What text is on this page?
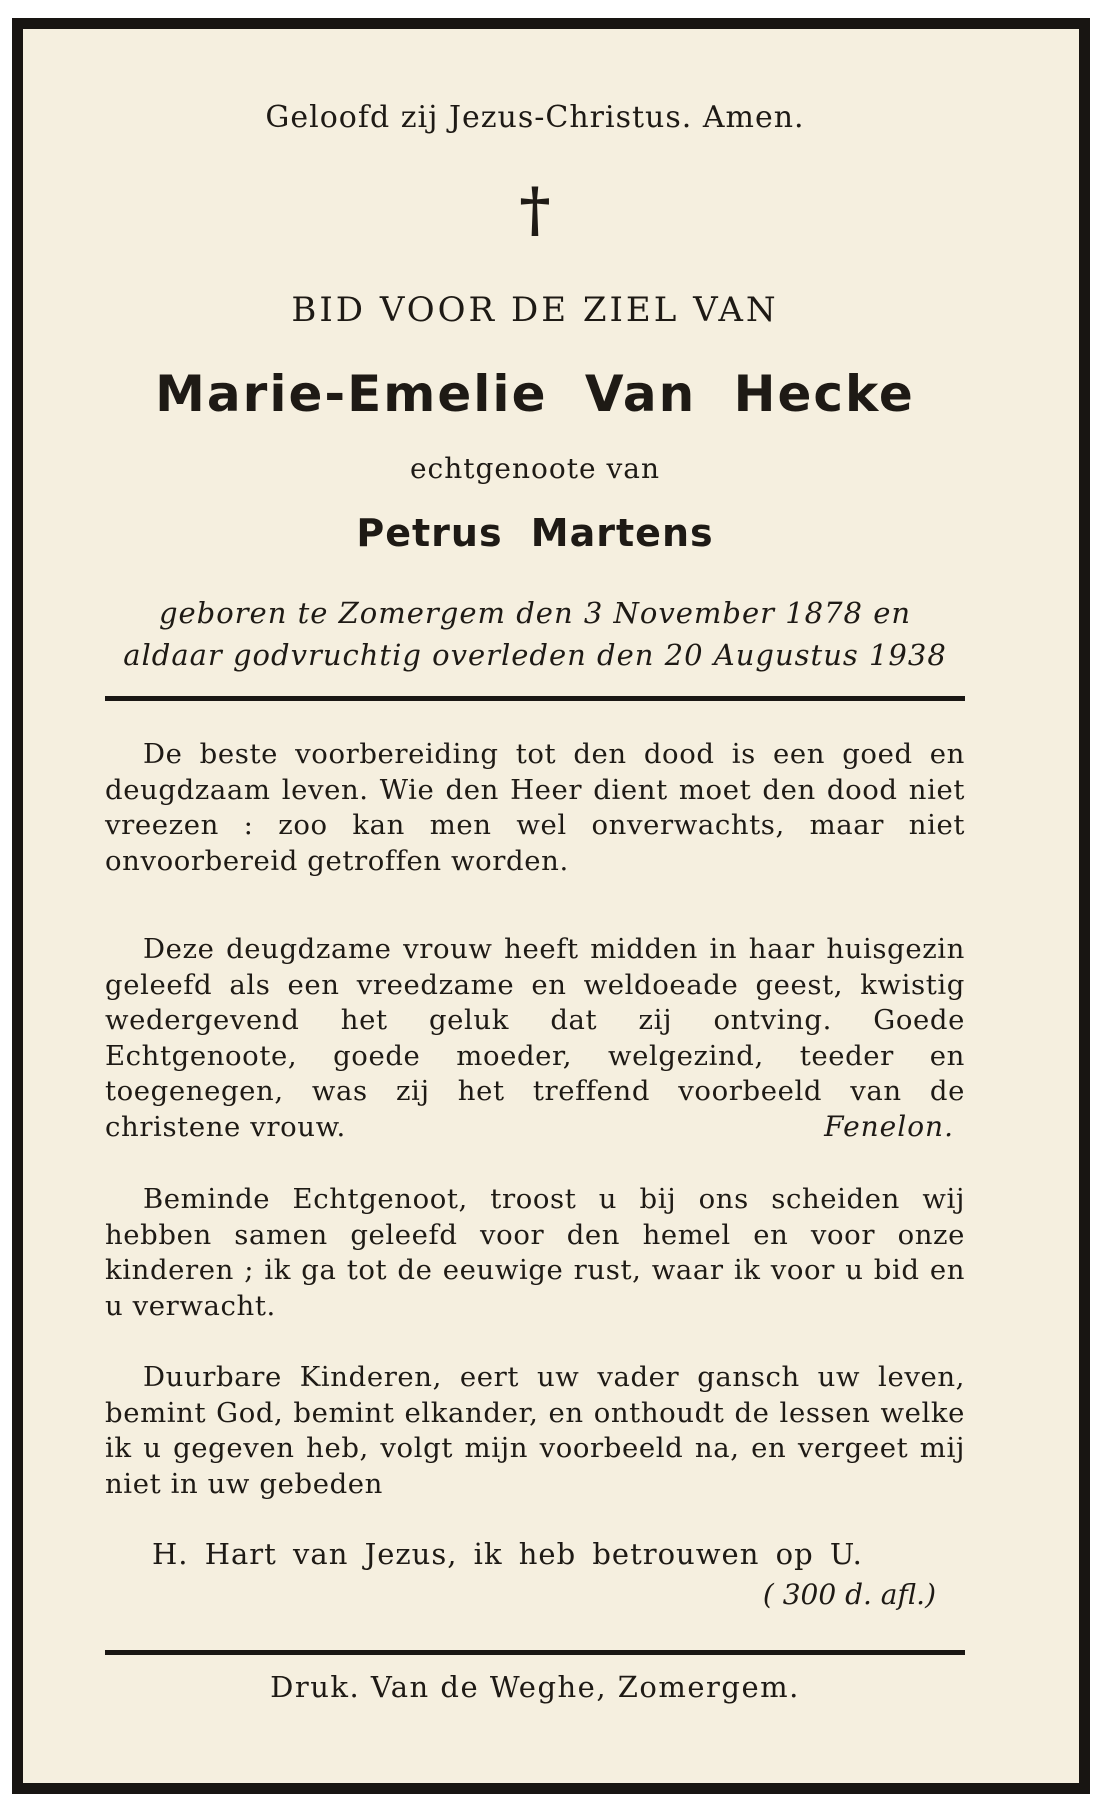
Geloofd zij Jezus-Christus. Amen.
†
BID VOOR DE ZIEL VAN
Marie-Emelie Van Hecke
echtgenoote van
Petrus Martens
geboren te Zomergem den 3 November 1878 en
aldaar godvruchtig overleden den 20 Augustus 1938
De beste voorbereiding tot den dood is een goed en deugdzaam leven. Wie den Heer dient moet den dood niet vreezen : zoo kan men wel onverwachts, maar niet onvoorbereid getroffen worden.
Deze deugdzame vrouw heeft midden in haar huisgezin geleefd als een vreedzame en weldoeade geest, kwistig wedergevend het geluk dat zij ontving. Goede Echtgenoote, goede moeder, welgezind, teeder en toegenegen, was zij het treffend voorbeeld van de christene vrouw.	Fenelon.
Beminde Echtgenoot, troost u bij ons scheiden wij hebben samen geleefd voor den hemel en voor onze kinderen ; ik ga tot de eeuwige rust, waar ik voor u bid en u verwacht.
Duurbare Kinderen, eert uw vader gansch uw leven, bemint God, bemint elkander, en onthoudt de lessen welke ik u gegeven heb, volgt mijn voorbeeld na, en vergeet mij niet in uw gebeden
H. Hart van Jezus, ik heb betrouwen op U.
( 300 d. afl.)
Druk. Van de Weghe, Zomergem.
